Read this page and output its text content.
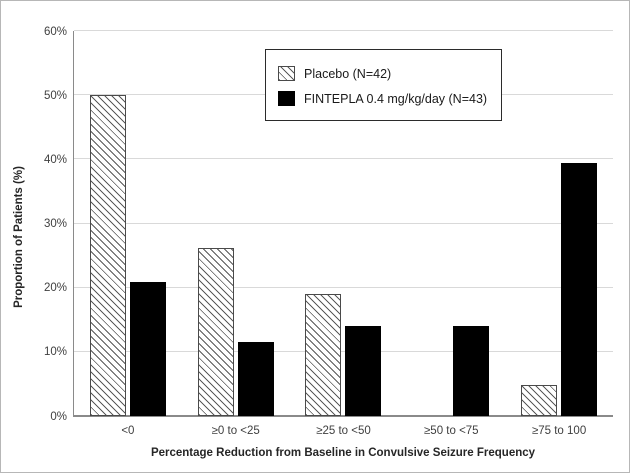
Proportion of Patients (%)
0%
10%
20%
30%
40%
50%
60%
<0	≥0 to <25	≥25 to <50	≥50 to <75	≥75 to 100
Percentage Reduction from Baseline in Convulsive Seizure Frequency
Placebo (N=42)
FINTEPLA 0.4 mg/kg/day (N=43)
